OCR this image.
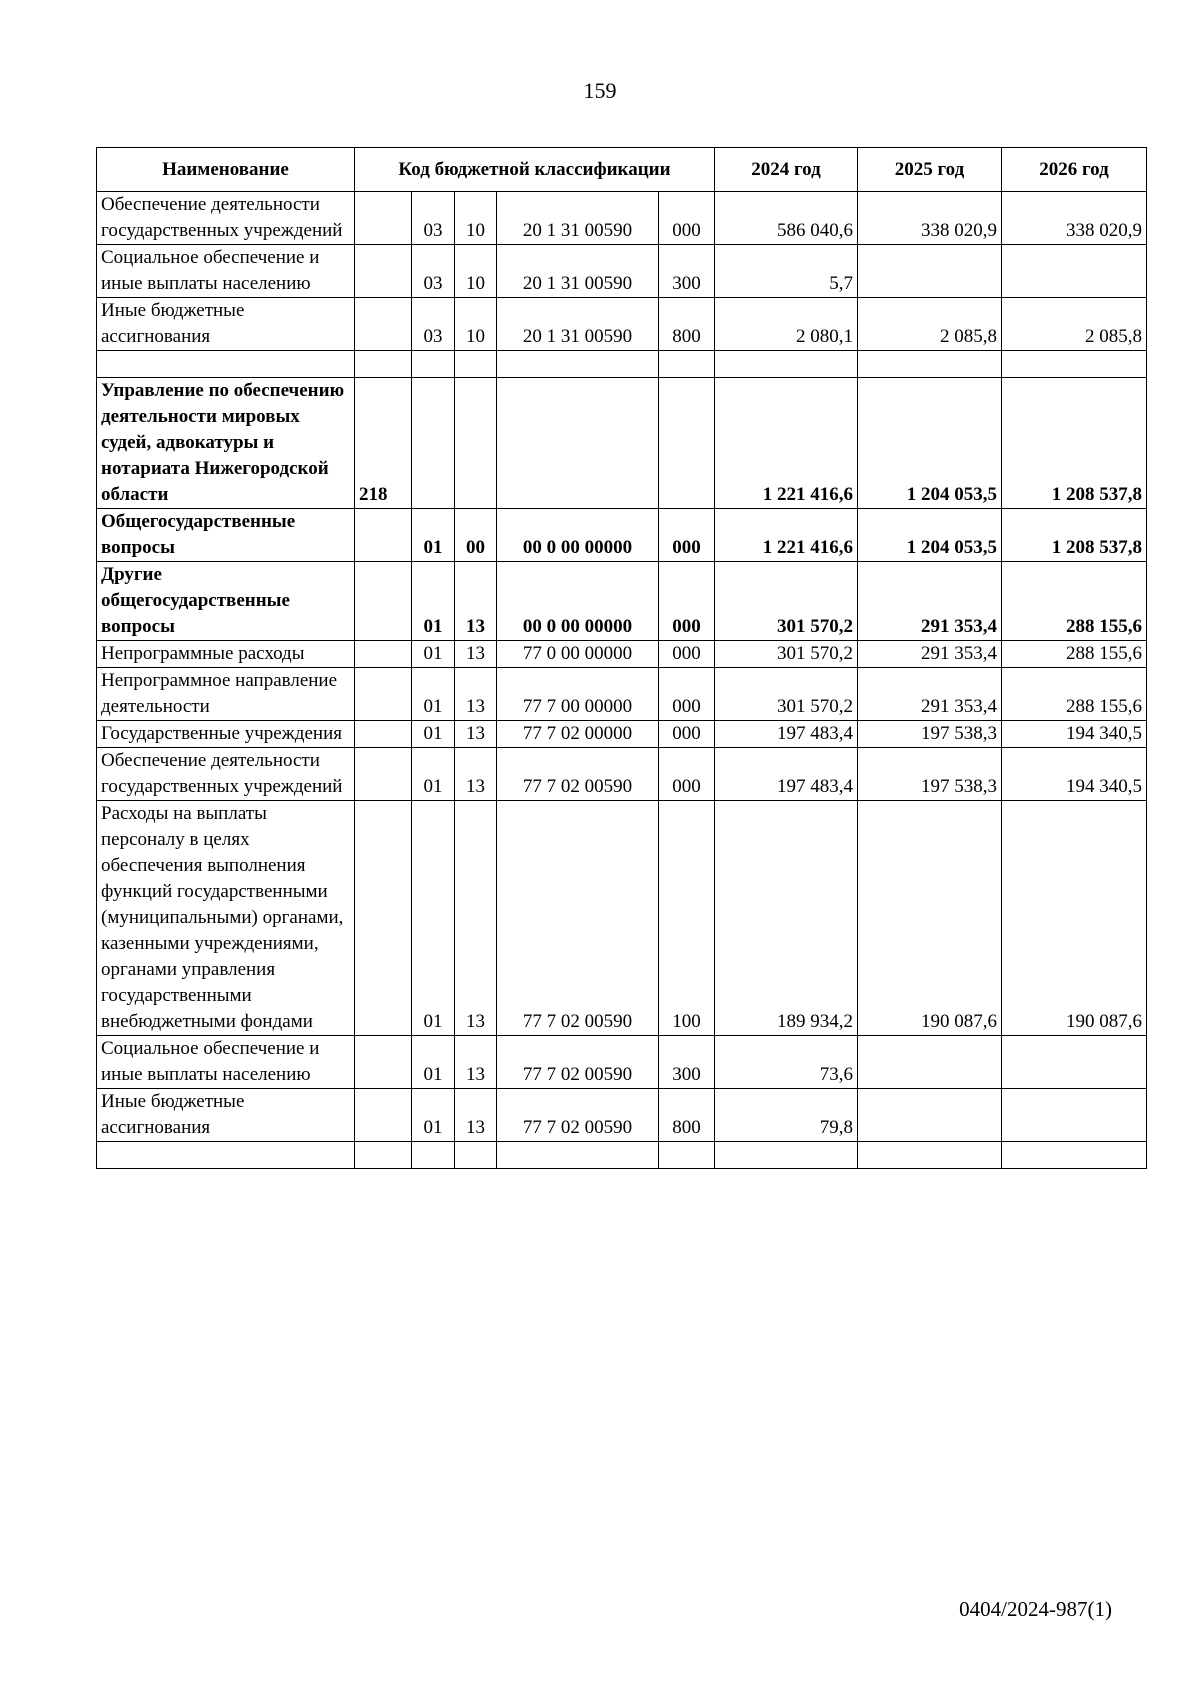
159
Наименование	Код бюджетной классификации					2024 год	2025 год	2026 год
Обеспечение деятельности государственных учреждений		03	10	20 1 31 00590	000	586 040,6	338 020,9	338 020,9
Социальное обеспечение и иные выплаты населению		03	10	20 1 31 00590	300	5,7		
Иные бюджетные ассигнования		03	10	20 1 31 00590	800	2 080,1	2 085,8	2 085,8

Управление по обеспечению деятельности мировых судей, адвокатуры и нотариата Нижегородской области	218					1 221 416,6	1 204 053,5	1 208 537,8
Общегосударственные вопросы		01	00	00 0 00 00000	000	1 221 416,6	1 204 053,5	1 208 537,8
Другие общегосударственные вопросы		01	13	00 0 00 00000	000	301 570,2	291 353,4	288 155,6
Непрограммные расходы		01	13	77 0 00 00000	000	301 570,2	291 353,4	288 155,6
Непрограммное направление деятельности		01	13	77 7 00 00000	000	301 570,2	291 353,4	288 155,6
Государственные учреждения		01	13	77 7 02 00000	000	197 483,4	197 538,3	194 340,5
Обеспечение деятельности государственных учреждений		01	13	77 7 02 00590	000	197 483,4	197 538,3	194 340,5
Расходы на выплаты персоналу в целях обеспечения выполнения функций государственными (муниципальными) органами, казенными учреждениями, органами управления государственными внебюджетными фондами		01	13	77 7 02 00590	100	189 934,2	190 087,6	190 087,6
Социальное обеспечение и иные выплаты населению		01	13	77 7 02 00590	300	73,6		
Иные бюджетные ассигнования		01	13	77 7 02 00590	800	79,8		

0404/2024-987(1)
